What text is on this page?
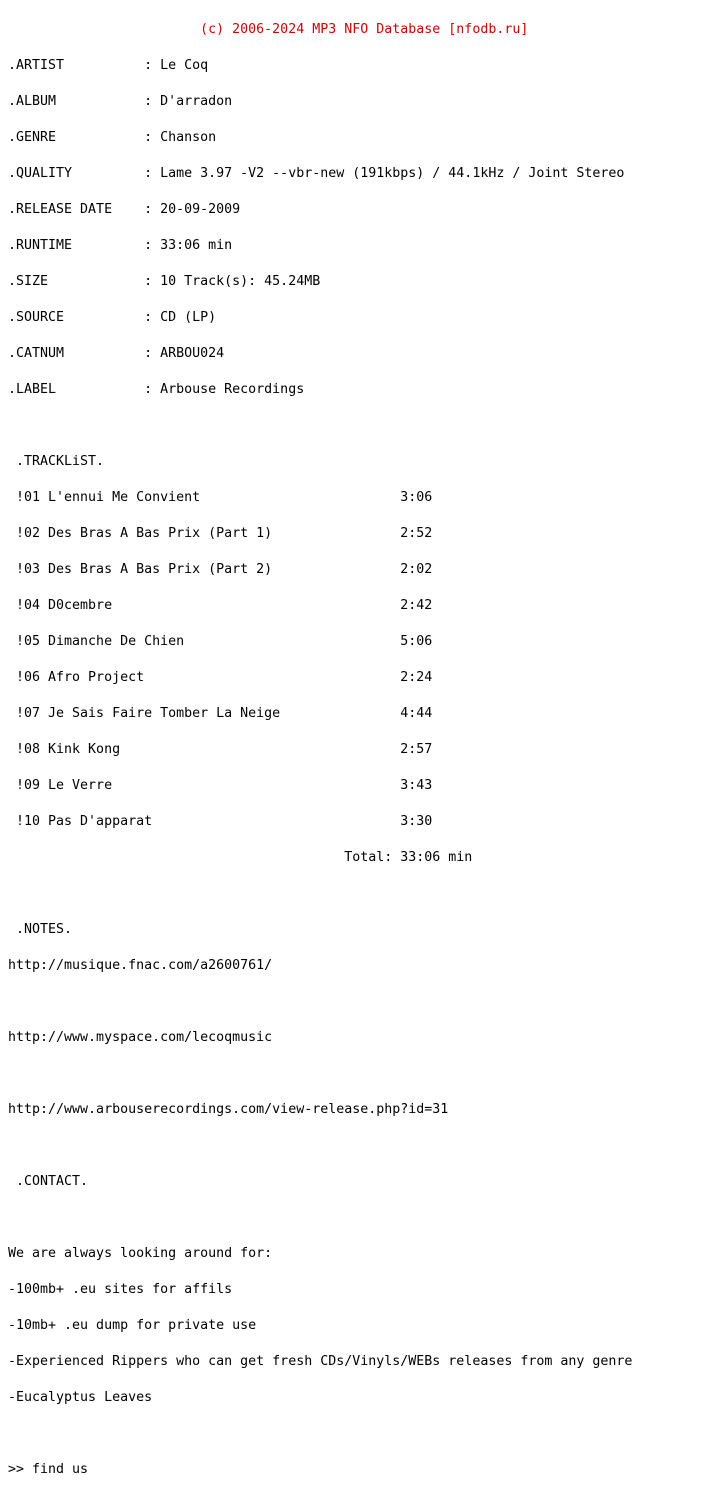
(c) 2006-2024 MP3 NFO Database [nfodb.ru]

.ARTIST          : Le Coq

.ALBUM           : D'arradon

.GENRE           : Chanson

.QUALITY         : Lame 3.97 -V2 --vbr-new (191kbps) / 44.1kHz / Joint Stereo

.RELEASE DATE    : 20-09-2009

.RUNTIME         : 33:06 min

.SIZE            : 10 Track(s): 45.24MB

.SOURCE          : CD (LP)

.CATNUM          : ARBOU024

.LABEL           : Arbouse Recordings

.TRACKLiST.

!01 L'ennui Me Convient                         3:06

!02 Des Bras A Bas Prix (Part 1)                2:52

!03 Des Bras A Bas Prix (Part 2)                2:02

!04 D0cembre                                    2:42

!05 Dimanche De Chien                           5:06

!06 Afro Project                                2:24

!07 Je Sais Faire Tomber La Neige               4:44

!08 Kink Kong                                   2:57

!09 Le Verre                                    3:43

!10 Pas D'apparat                               3:30

Total: 33:06 min

.NOTES.

http://musique.fnac.com/a2600761/

http://www.myspace.com/lecoqmusic

http://www.arbouserecordings.com/view-release.php?id=31

.CONTACT.

We are always looking around for:

-100mb+ .eu sites for affils

-10mb+ .eu dump for private use

-Experienced Rippers who can get fresh CDs/Vinyls/WEBs releases from any genre

-Eucalyptus Leaves

>> find us
